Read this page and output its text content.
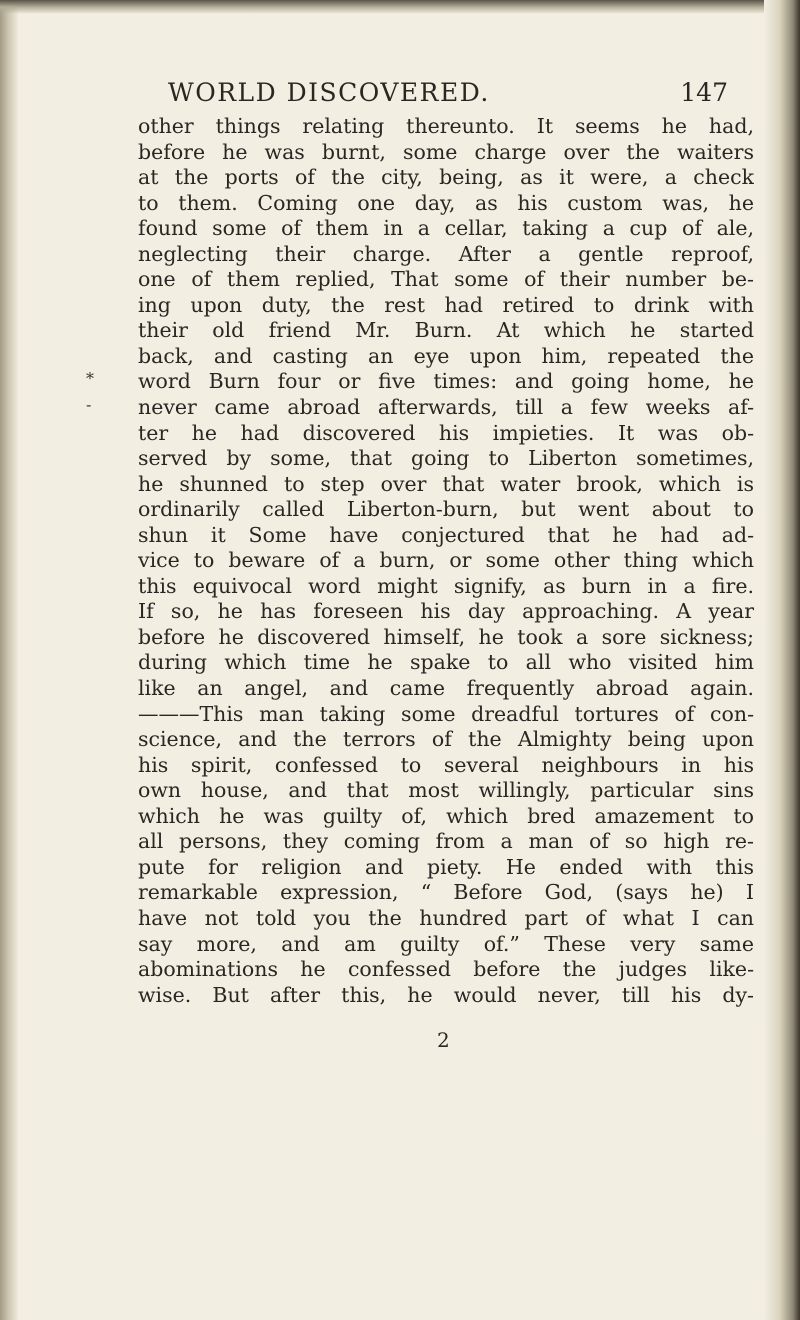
WORLD DISCOVERED.	147
*
-
other things relating thereunto. It seems he had,
before he was burnt, some charge over the waiters
at the ports of the city, being, as it were, a check
to them. Coming one day, as his custom was, he
found some of them in a cellar, taking a cup of ale,
neglecting their charge. After a gentle reproof,
one of them replied, That some of their number be-
ing upon duty, the rest had retired to drink with
their old friend Mr. Burn. At which he started
back, and casting an eye upon him, repeated the
word Burn four or five times: and going home, he
never came abroad afterwards, till a few weeks af-
ter he had discovered his impieties. It was ob-
served by some, that going to Liberton sometimes,
he shunned to step over that water brook, which is
ordinarily called Liberton-burn, but went about to
shun it Some have conjectured that he had ad-
vice to beware of a burn, or some other thing which
this equivocal word might signify, as burn in a fire.
If so, he has foreseen his day approaching. A year
before he discovered himself, he took a sore sickness;
during which time he spake to all who visited him
like an angel, and came frequently abroad again.
———This man taking some dreadful tortures of con-
science, and the terrors of the Almighty being upon
his spirit, confessed to several neighbours in his
own house, and that most willingly, particular sins
which he was guilty of, which bred amazement to
all persons, they coming from a man of so high re-
pute for religion and piety. He ended with this
remarkable expression, “ Before God, (says he) I
have not told you the hundred part of what I can
say more, and am guilty of.” These very same
abominations he confessed before the judges like-
wise. But after this, he would never, till his dy-
2
